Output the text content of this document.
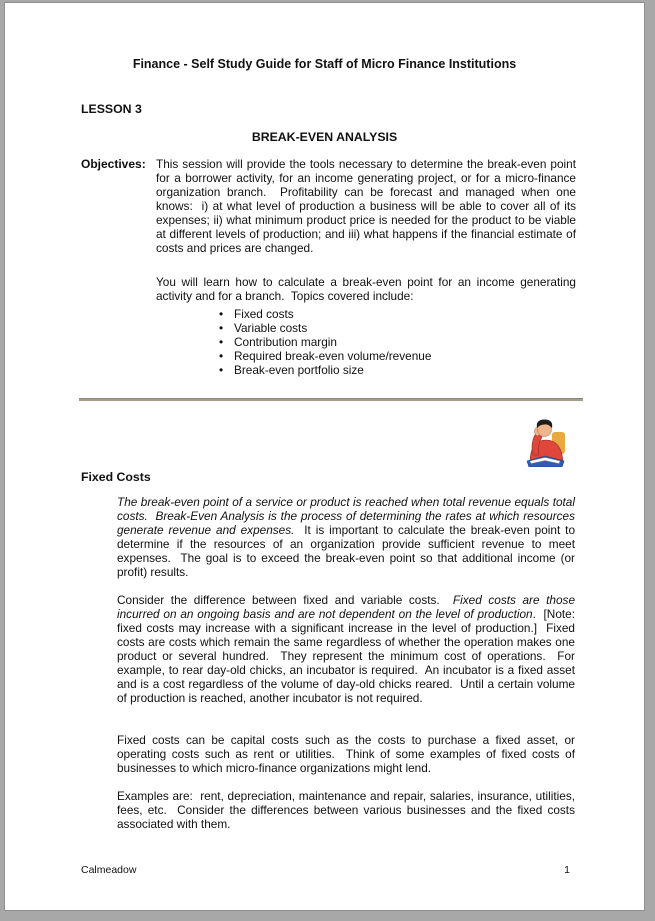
Finance - Self Study Guide for Staff of Micro Finance Institutions
LESSON 3
BREAK-EVEN ANALYSIS
Objectives: This session will provide the tools necessary to determine the break-even point for a borrower activity, for an income generating project, or for a micro-finance organization branch.  Profitability can be forecast and managed when one knows:  i) at what level of production a business will be able to cover all of its expenses; ii) what minimum product price is needed for the product to be viable at different levels of production; and iii) what happens if the financial estimate of costs and prices are changed.
You will learn how to calculate a break-even point for an income generating activity and for a branch.  Topics covered include:
• Fixed costs
• Variable costs
• Contribution margin
• Required break-even volume/revenue
• Break-even portfolio size
Fixed Costs

The break-even point of a service or product is reached when total revenue equals total costs.  Break-Even Analysis is the process of determining the rates at which resources generate revenue and expenses.  It is important to calculate the break-even point to determine if the resources of an organization provide sufficient revenue to meet expenses.  The goal is to exceed the break-even point so that additional income (or profit) results.

Consider the difference between fixed and variable costs.  Fixed costs are those incurred on an ongoing basis and are not dependent on the level of production.  [Note:  fixed costs may increase with a significant increase in the level of production.]  Fixed costs are costs which remain the same regardless of whether the operation makes one product or several hundred.  They represent the minimum cost of operations.  For example, to rear day-old chicks, an incubator is required.  An incubator is a fixed asset and is a cost regardless of the volume of day-old chicks reared.  Until a certain volume of production is reached, another incubator is not required.

Fixed costs can be capital costs such as the costs to purchase a fixed asset, or operating costs such as rent or utilities.  Think of some examples of fixed costs of businesses to which micro-finance organizations might lend.

Examples are:  rent, depreciation, maintenance and repair, salaries, insurance, utilities, fees, etc.  Consider the differences between various businesses and the fixed costs associated with them.

Calmeadow	1
